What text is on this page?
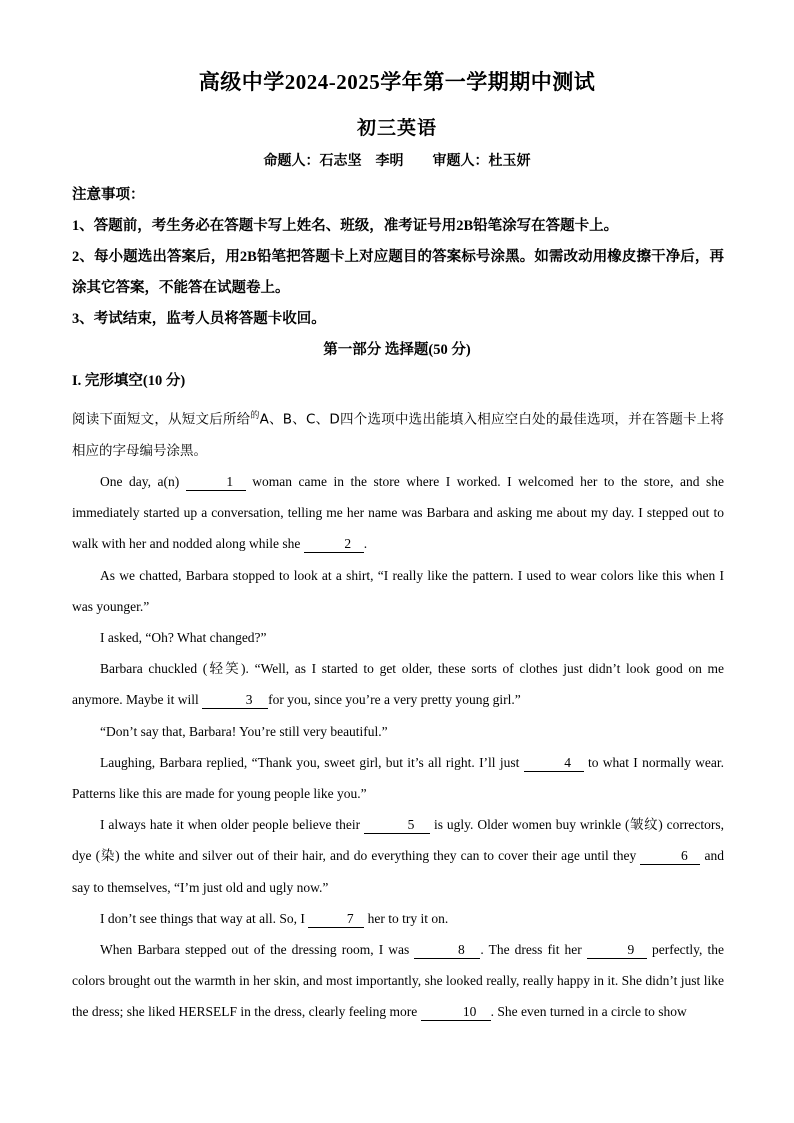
高级中学2024-2025学年第一学期期中测试
初三英语
命题人：石志坚　李明 审题人：杜玉妍

注意事项：

1、答题前，考生务必在答题卡写上姓名、班级，准考证号用2B铅笔涂写在答题卡上。

2、每小题选出答案后，用2B铅笔把答题卡上对应题目的答案标号涂黑。如需改动用橡皮擦干净后，再涂其它答案，不能答在试题卷上。

3、考试结束，监考人员将答题卡收回。

第一部分 选择题(50 分)
I. 完形填空(10 分)
阅读下面短文，从短文后所给$^的$A、B、C、D四个选项中选出能填入相应空白处的最佳选项，并在答题卡上将相应的字母编号涂黑。

One day, a(n)	1 woman came in the store where I worked. I welcomed her to the store, and she immediately started up a conversation, telling me her name was Barbara and asking me about my day. I stepped out to walk with her and nodded along while she	2 .

As we chatted, Barbara stopped to look at a shirt, “I really like the pattern. I used to wear colors like this when I was younger.”

I asked, “Oh? What changed?”

Barbara chuckled (轻笑). “Well, as I started to get older, these sorts of clothes just didn’t look good on me anymore. Maybe it will	3 for you, since you’re a very pretty young girl.”

“Don’t say that, Barbara! You’re still very beautiful.”

Laughing, Barbara replied, “Thank you, sweet girl, but it’s all right. I’ll just	4 to what I normally wear. Patterns like this are made for young people like you.”

I always hate it when older people believe their	5 is ugly. Older women buy wrinkle (皱纹) correctors, dye (染) the white and silver out of their hair, and do everything they can to cover their age until they	6 and say to themselves, “I’m just old and ugly now.”

I don’t see things that way at all. So, I	7 her to try it on.

When Barbara stepped out of the dressing room, I was	8 . The dress fit her	9 perfectly, the colors brought out the warmth in her skin, and most importantly, she looked really, really happy in it. She didn’t just like the dress; she liked HERSELF in the dress, clearly feeling more	10 . She even turned in a circle to show
